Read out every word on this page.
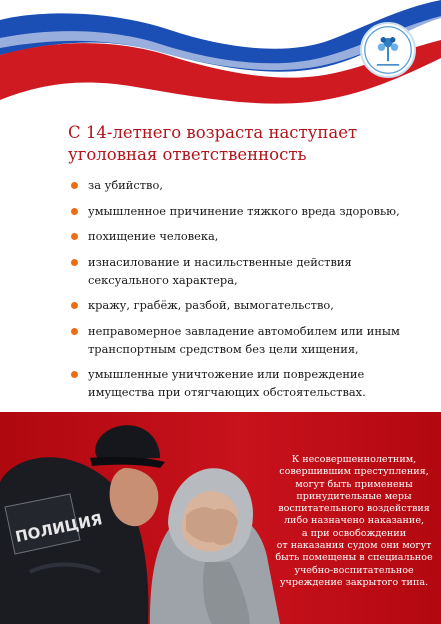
С 14-летнего возраста наступает
уголовная ответственность
за убийство,
умышленное причинение тяжкого вреда здоровью,
похищение человека,
изнасилование и насильственные действия
сексуального характера,
кражу, грабёж, разбой, вымогательство,
неправомерное завладение автомобилем или иным
транспортным средством без цели хищения,
умышленные уничтожение или повреждение
имущества при отягчающих обстоятельствах.
ПОЛИЦИЯ
К несовершеннолетним,
совершившим преступления,
могут быть применены
принудительные меры
воспитательного воздействия
либо назначено наказание,
а при освобождении
от наказания судом они могут
быть помещены в специальное
учебно-воспитательное
учреждение закрытого типа.
